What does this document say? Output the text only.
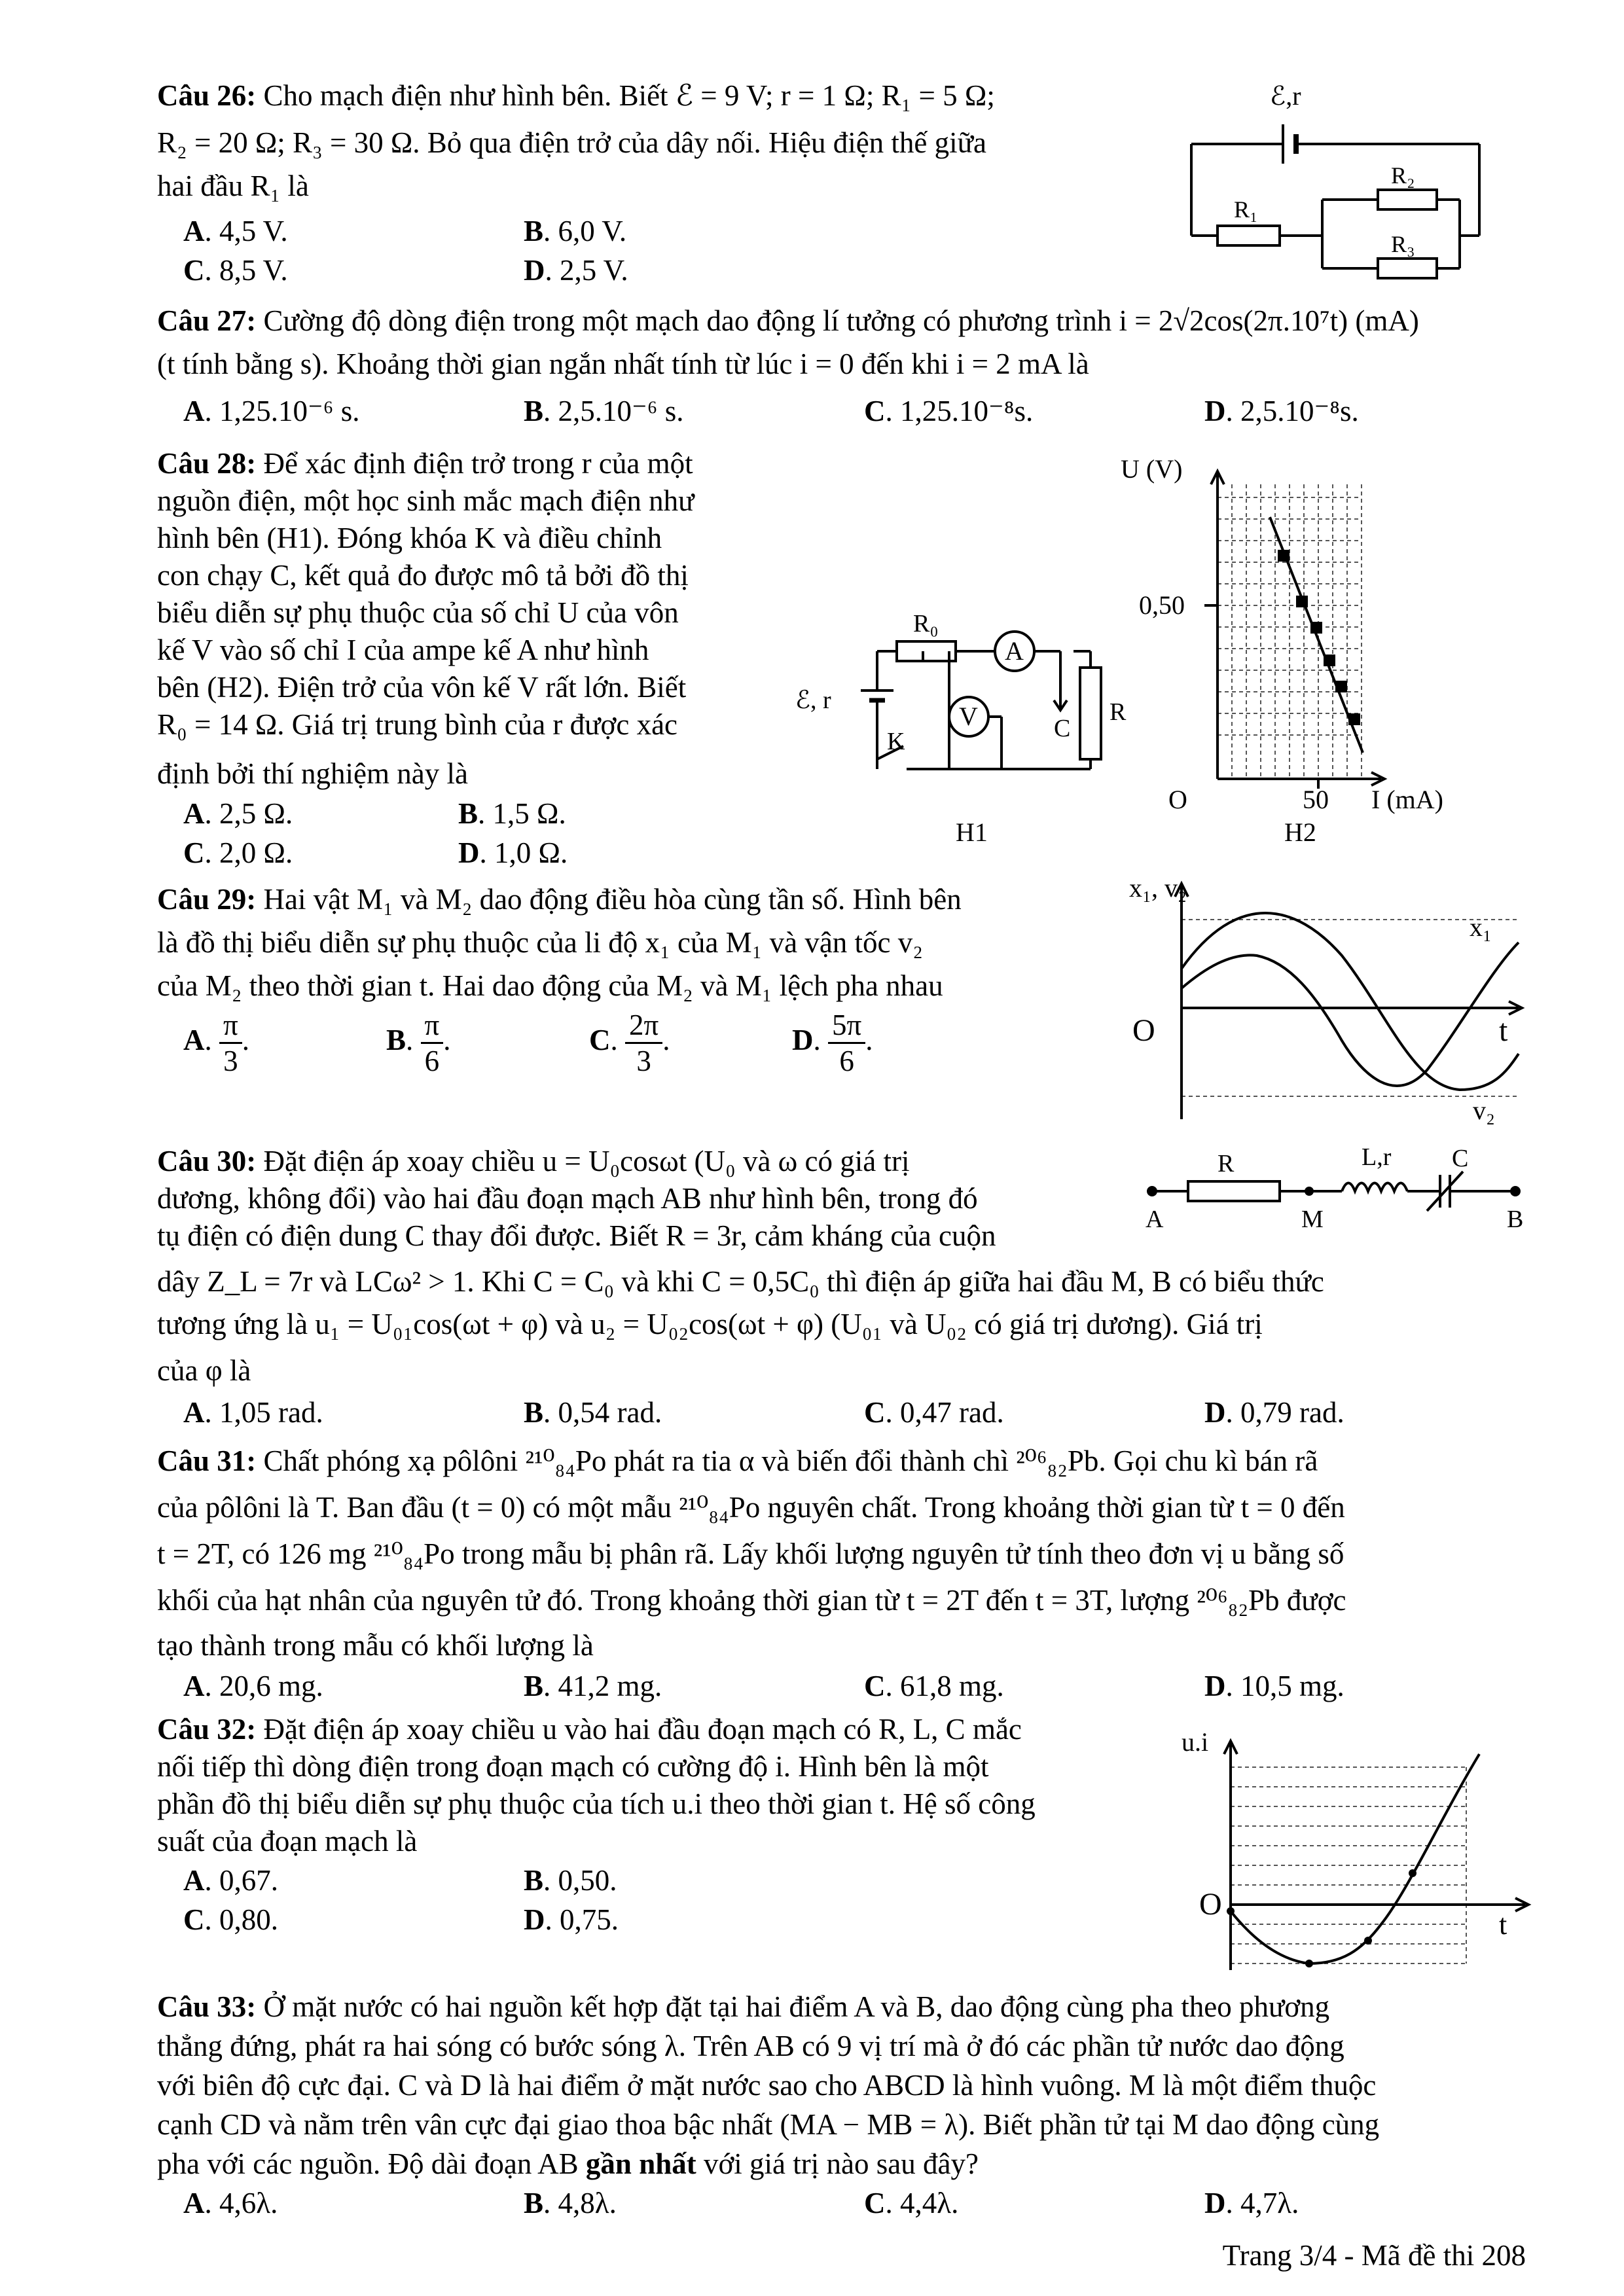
Câu 26: Cho mạch điện như hình bên. Biết ℰ = 9 V; r = 1 Ω; R₁ = 5 Ω;
R₂ = 20 Ω; R₃ = 30 Ω. Bỏ qua điện trở của dây nối. Hiệu điện thế giữa
hai đầu R₁ là
A. 4,5 V.	B. 6,0 V.
C. 8,5 V.	D. 2,5 V.
ℰ,r
R₁
R₂
R₃
Câu 27: Cường độ dòng điện trong một mạch dao động lí tưởng có phương trình i = 2√2cos(2π.10⁷t) (mA)
(t tính bằng s). Khoảng thời gian ngắn nhất tính từ lúc i = 0 đến khi i = 2 mA là
A. 1,25.10⁻⁶ s.	B. 2,5.10⁻⁶ s.	C. 1,25.10⁻⁸s.	D. 2,5.10⁻⁸s.
Câu 28: Để xác định điện trở trong r của một
nguồn điện, một học sinh mắc mạch điện như
hình bên (H1). Đóng khóa K và điều chỉnh
con chạy C, kết quả đo được mô tả bởi đồ thị
biểu diễn sự phụ thuộc của số chỉ U của vôn
kế V vào số chỉ I của ampe kế A như hình
bên (H2). Điện trở của vôn kế V rất lớn. Biết
R₀ = 14 Ω. Giá trị trung bình của r được xác
định bởi thí nghiệm này là
A. 2,5 Ω.	B. 1,5 Ω.
C. 2,0 Ω.	D. 1,0 Ω.
R₀
A
V	C
R
ℰ, r
K
H1
U (V)
0,50
O	50 I (mA)
H2
Câu 29: Hai vật M₁ và M₂ dao động điều hòa cùng tần số. Hình bên
là đồ thị biểu diễn sự phụ thuộc của li độ x₁ của M₁ và vận tốc v₂
của M₂ theo thời gian t. Hai dao động của M₂ và M₁ lệch pha nhau
A. $\frac{\pi}{3}$ .	B. $\frac{\pi}{6}$ .	C. $\frac{2\pi}{3}$ .	D. $\frac{5\pi}{6}$ .
x₁, v₂
O	t
x₁
v₂
Câu 30: Đặt điện áp xoay chiều u = U₀cosωt (U₀ và ω có giá trị
dương, không đổi) vào hai đầu đoạn mạch AB như hình bên, trong đó
tụ điện có điện dung C thay đổi được. Biết R = 3r, cảm kháng của cuộn
dây Z_L = 7r và LCω² > 1. Khi C = C₀ và khi C = 0,5C₀ thì điện áp giữa hai đầu M, B có biểu thức
tương ứng là u₁ = U₀₁cos(ωt + φ) và u₂ = U₀₂cos(ωt + φ) (U₀₁ và U₀₂ có giá trị dương). Giá trị
của φ là
A. 1,05 rad.	B. 0,54 rad.	C. 0,47 rad.	D. 0,79 rad.
R	L,r C
A	M	B
Câu 31: Chất phóng xạ pôlôni ²¹⁰₈₄Po phát ra tia α và biến đổi thành chì ²⁰⁶₈₂Pb. Gọi chu kì bán rã
của pôlôni là T. Ban đầu (t = 0) có một mẫu ²¹⁰₈₄Po nguyên chất. Trong khoảng thời gian từ t = 0 đến
t = 2T, có 126 mg ²¹⁰₈₄Po trong mẫu bị phân rã. Lấy khối lượng nguyên tử tính theo đơn vị u bằng số
khối của hạt nhân của nguyên tử đó. Trong khoảng thời gian từ t = 2T đến t = 3T, lượng ²⁰⁶₈₂Pb được
tạo thành trong mẫu có khối lượng là
A. 20,6 mg.	B. 41,2 mg.	C. 61,8 mg.	D. 10,5 mg.
Câu 32: Đặt điện áp xoay chiều u vào hai đầu đoạn mạch có R, L, C mắc
nối tiếp thì dòng điện trong đoạn mạch có cường độ i. Hình bên là một
phần đồ thị biểu diễn sự phụ thuộc của tích u.i theo thời gian t. Hệ số công
suất của đoạn mạch là
A. 0,67.	B. 0,50.
C. 0,80.	D. 0,75.
u.i
O
t
Câu 33: Ở mặt nước có hai nguồn kết hợp đặt tại hai điểm A và B, dao động cùng pha theo phương
thẳng đứng, phát ra hai sóng có bước sóng λ. Trên AB có 9 vị trí mà ở đó các phần tử nước dao động
với biên độ cực đại. C và D là hai điểm ở mặt nước sao cho ABCD là hình vuông. M là một điểm thuộc
cạnh CD và nằm trên vân cực đại giao thoa bậc nhất (MA − MB = λ). Biết phần tử tại M dao động cùng
pha với các nguồn. Độ dài đoạn AB gần nhất với giá trị nào sau đây?
A. 4,6λ.	B. 4,8λ.	C. 4,4λ.	D. 4,7λ.
Trang 3/4 - Mã đề thi 208
